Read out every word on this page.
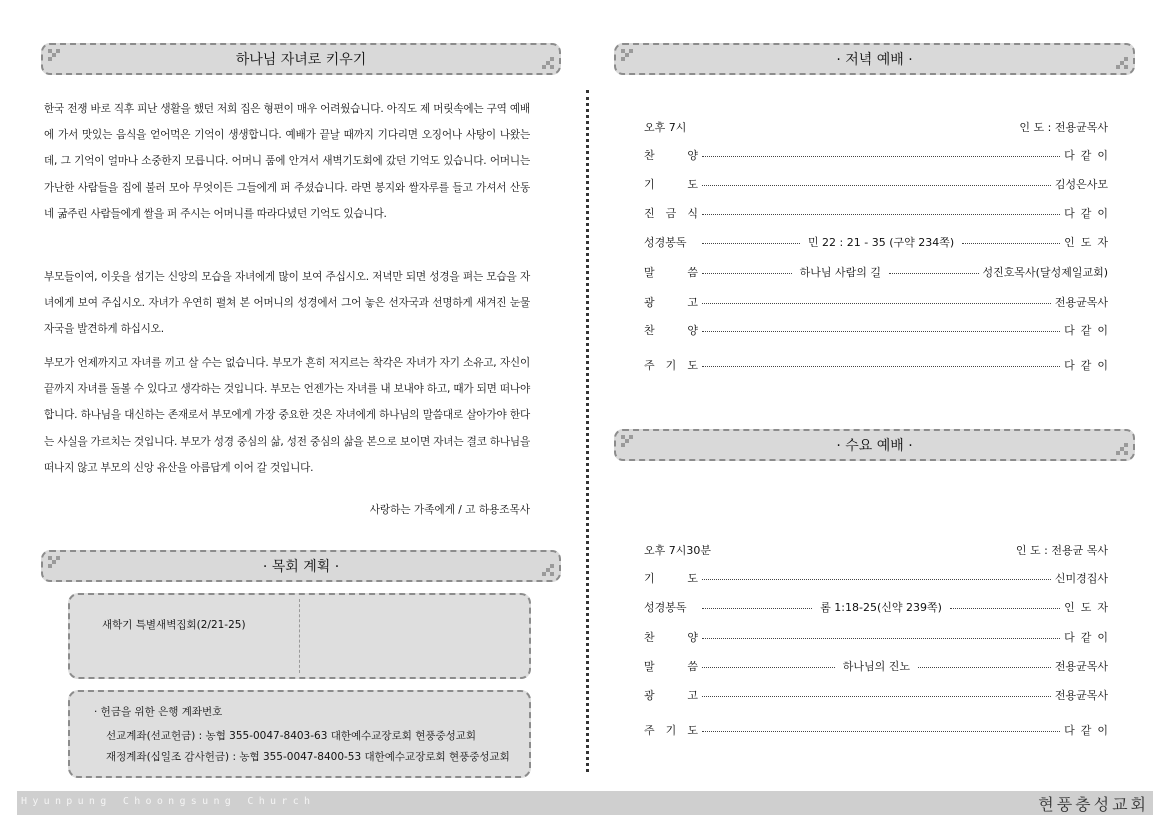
하나님 자녀로 키우기

한국 전쟁 바로 직후 피난 생활을 했던 저희 집은 형편이 매우 어려웠습니다. 아직도 제 머릿속에는 구역 예배에 가서 맛있는 음식을 얻어먹은 기억이 생생합니다. 예배가 끝날 때까지 기다리면 오징어나 사탕이 나왔는데, 그 기억이 얼마나 소중한지 모릅니다. 어머니 품에 안겨서 새벽기도회에 갔던 기억도 있습니다. 어머니는 가난한 사람들을 집에 불러 모아 무엇이든 그들에게 퍼 주셨습니다. 라면 봉지와 쌀자루를 들고 가셔서 산동네 굶주린 사람들에게 쌀을 퍼 주시는 어머니를 따라다녔던 기억도 있습니다.

부모들이여, 이웃을 섬기는 신앙의 모습을 자녀에게 많이 보여 주십시오. 저녁만 되면 성경을 펴는 모습을 자녀에게 보여 주십시오. 자녀가 우연히 펼쳐 본 어머니의 성경에서 그어 놓은 선자국과 선명하게 새겨진 눈물 자국을 발견하게 하십시오.

부모가 언제까지고 자녀를 끼고 살 수는 없습니다. 부모가 흔히 저지르는 착각은 자녀가 자기 소유고, 자신이 끝까지 자녀를 돌볼 수 있다고 생각하는 것입니다. 부모는 언젠가는 자녀를 내 보내야 하고, 때가 되면 떠나야 합니다. 하나님을 대신하는 존재로서 부모에게 가장 중요한 것은 자녀에게 하나님의 말씀대로 살아가야 한다는 사실을 가르치는 것입니다. 부모가 성경 중심의 삶, 성전 중심의 삶을 본으로 보이면 자녀는 결코 하나님을 떠나지 않고 부모의 신앙 유산을 아름답게 이어 갈 것입니다.

사랑하는 가족에게 / 고 하용조목사
· 목회 계획 ·
새학기 특별새벽집회(2/21-25)
· 헌금을 위한 은행 계좌번호
선교계좌(선교헌금) : 농협 355-0047-8403-63 대한예수교장로회 현풍중성교회
재정계좌(십일조 감사헌금) : 농협 355-0047-8400-53 대한예수교장로회 현풍중성교회
· 저녁 예배 ·
오후 7시	인 도 : 전용균목사
찬	양	다같이
기	도	김성은사모
진 금 식	다같이
성 경 봉 독	민 22 : 21 - 35 (구약 234쪽)	인도자
말	씀	하나님 사람의 길	성진호목사(달성제일교회)
광	고	전용균목사
찬	양	다같이
주 기 도	다같이
· 수요 예배 ·
오후 7시30분	인 도 : 전용균 목사
기	도	신미경집사
성 경 봉 독	롬 1:18-25(신약 239쪽)	인도자
찬	양	다같이
말	씀	하나님의 진노	전용균목사
광	고	전용균목사
주 기 도	다같이
Hyunpung Choongsung Church	현풍충성교회
